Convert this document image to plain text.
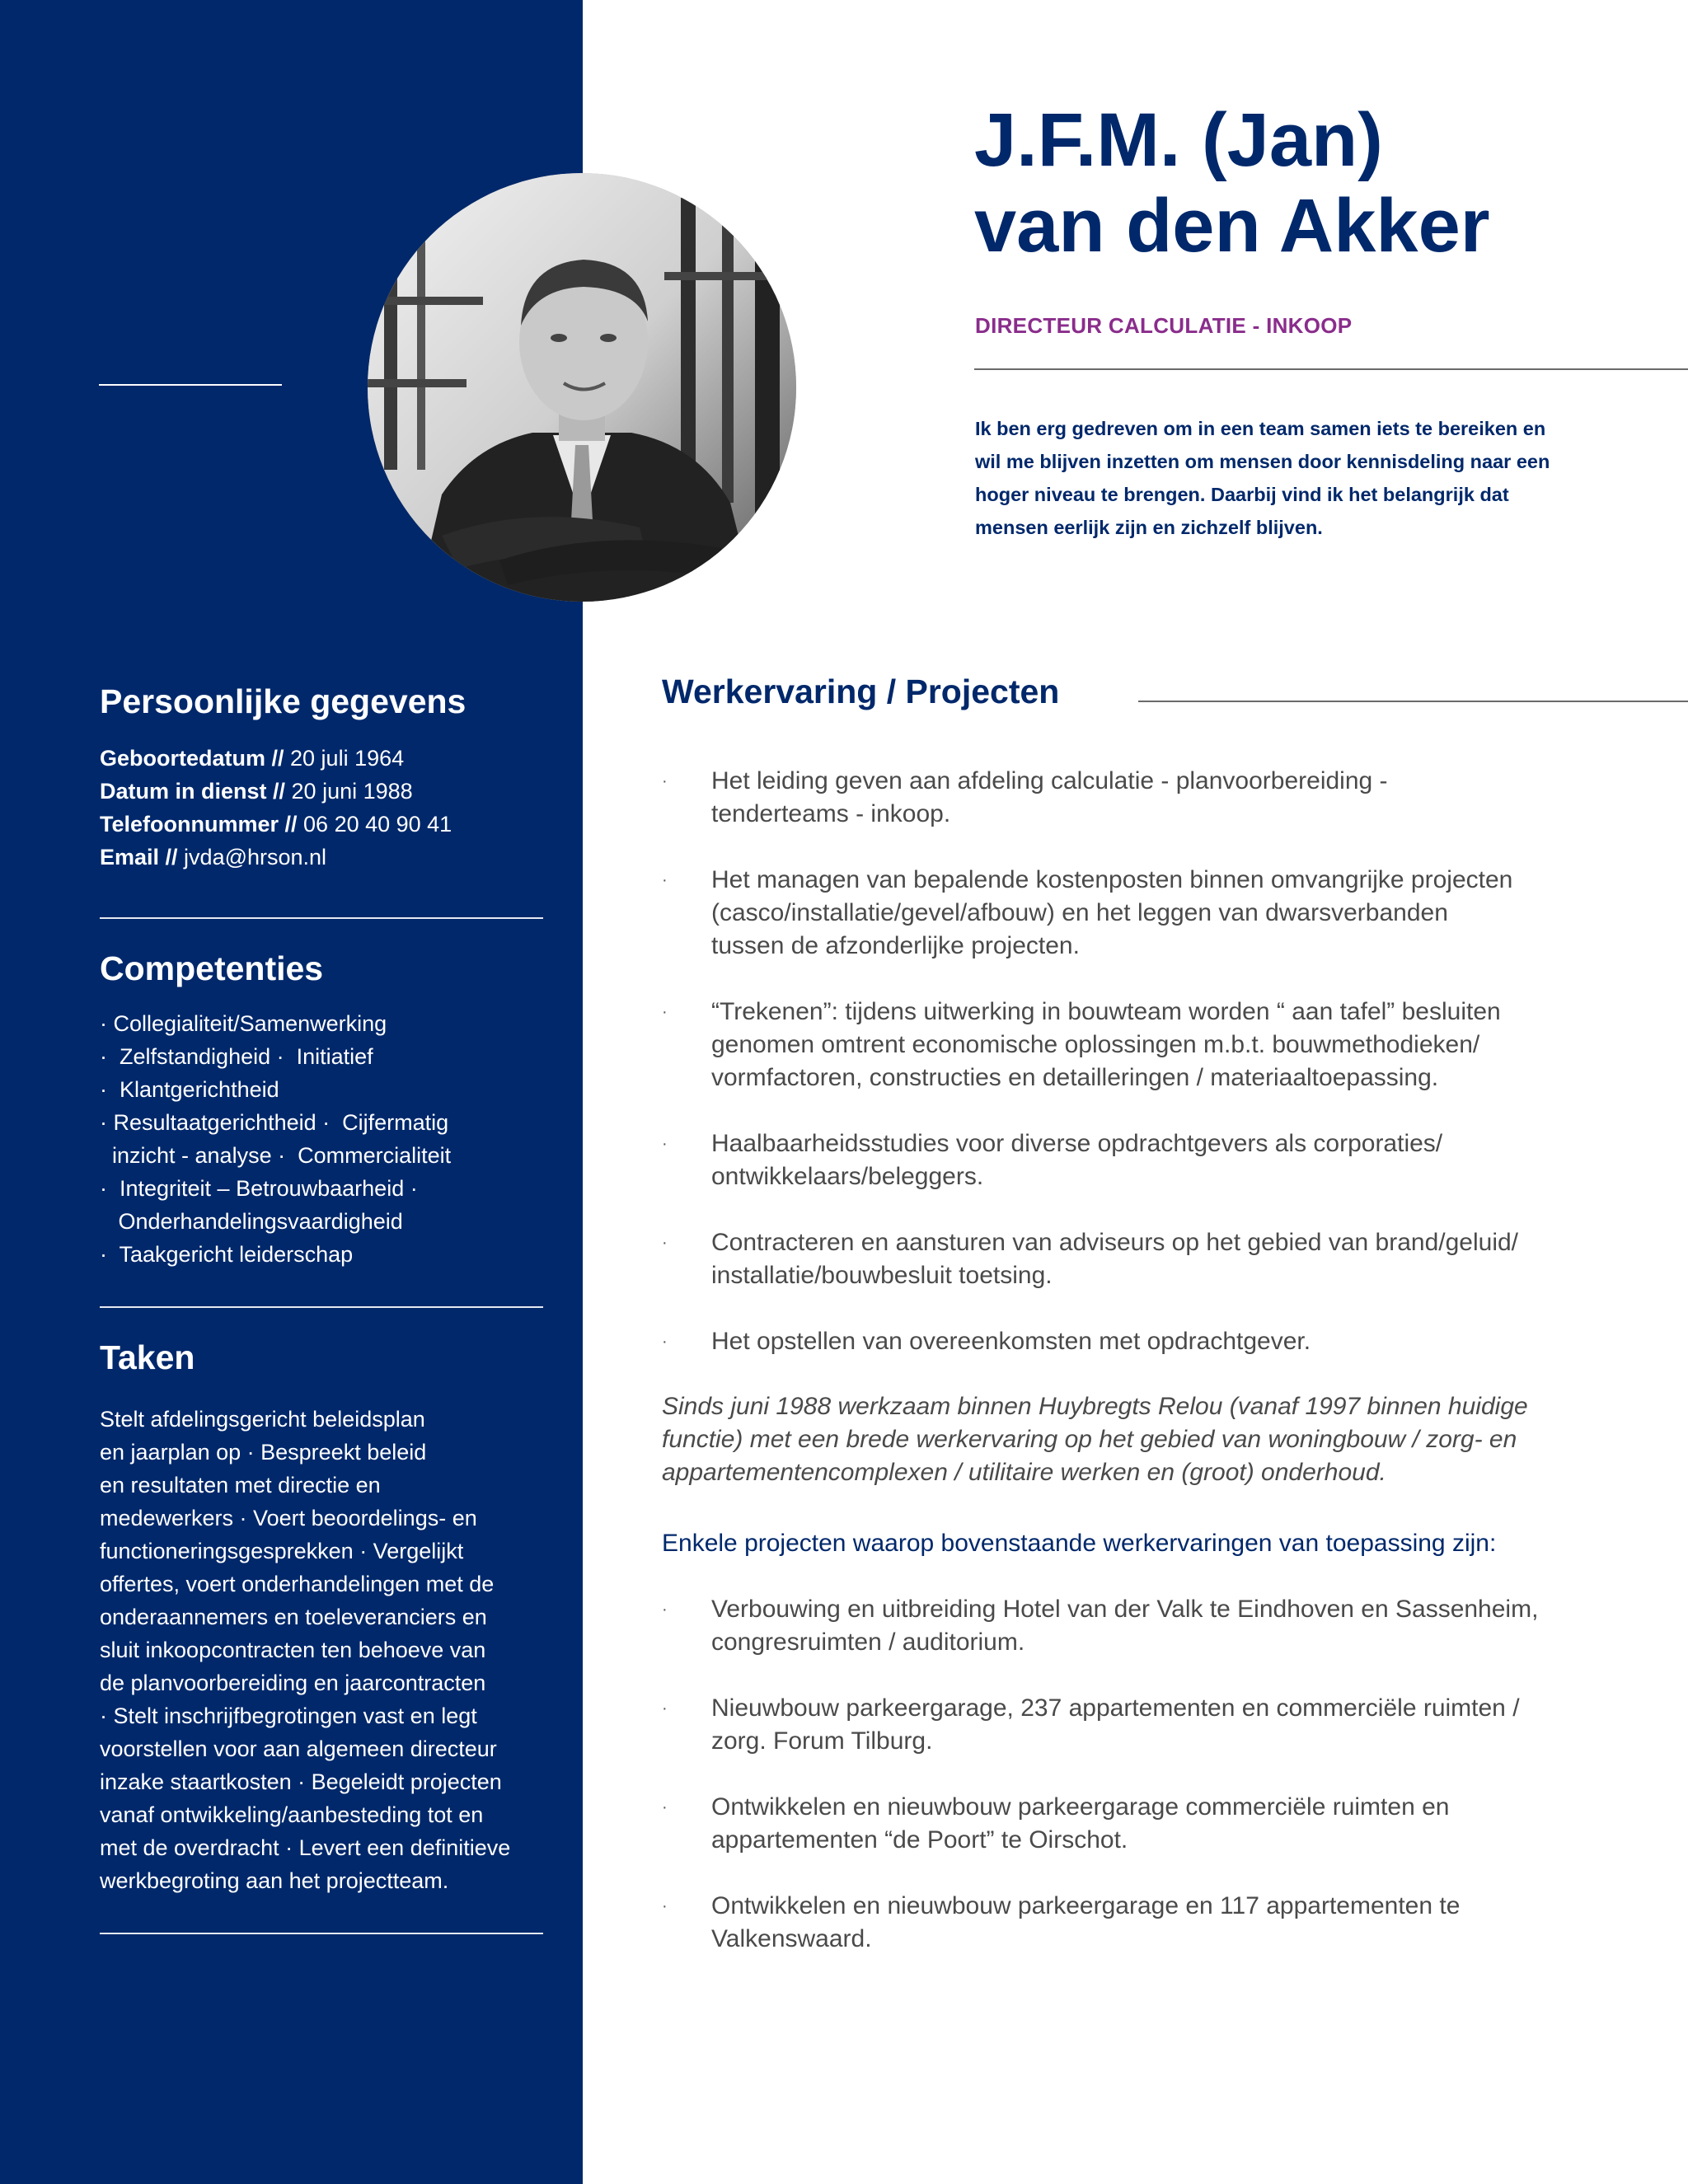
Persoonlijke gegevens
Geboortedatum // 20 juli 1964
Datum in dienst // 20 juni 1988
Telefoonnummer // 06 20 40 90 41
Email // jvda@hrson.nl
Competenties
· Collegialiteit/Samenwerking
·  Zelfstandigheid ·  Initiatief
·  Klantgerichtheid
· Resultaatgerichtheid ·  Cijfermatig
inzicht - analyse ·  Commercialiteit
·  Integriteit – Betrouwbaarheid ·
Onderhandelingsvaardigheid
·  Taakgericht leiderschap
Taken
Stelt afdelingsgericht beleidsplan
en jaarplan op · Bespreekt beleid
en resultaten met directie en
medewerkers · Voert beoordelings- en
functioneringsgesprekken · Vergelijkt
offertes, voert onderhandelingen met de
onderaannemers en toeleveranciers en
sluit inkoopcontracten ten behoeve van
de planvoorbereiding en jaarcontracten
· Stelt inschrijfbegrotingen vast en legt
voorstellen voor aan algemeen directeur
inzake staartkosten · Begeleidt projecten
vanaf ontwikkeling/aanbesteding tot en
met de overdracht · Levert een definitieve
werkbegroting aan het projectteam.
J.F.M. (Jan)
van den Akker
DIRECTEUR CALCULATIE - INKOOP
Ik ben erg gedreven om in een team samen iets te bereiken en
wil me blijven inzetten om mensen door kennisdeling naar een
hoger niveau te brengen. Daarbij vind ik het belangrijk dat
mensen eerlijk zijn en zichzelf blijven.
Werkervaring / Projecten
· Het leiding geven aan afdeling calculatie - planvoorbereiding -
tenderteams - inkoop.
· Het managen van bepalende kostenposten binnen omvangrijke projecten
(casco/installatie/gevel/afbouw) en het leggen van dwarsverbanden
tussen de afzonderlijke projecten.
· “Trekenen”: tijdens uitwerking in bouwteam worden “ aan tafel” besluiten
genomen omtrent economische oplossingen m.b.t. bouwmethodieken/
vormfactoren, constructies en detailleringen / materiaaltoepassing.
· Haalbaarheidsstudies voor diverse opdrachtgevers als corporaties/
ontwikkelaars/beleggers.
· Contracteren en aansturen van adviseurs op het gebied van brand/geluid/
installatie/bouwbesluit toetsing.
· Het opstellen van overeenkomsten met opdrachtgever.
Sinds juni 1988 werkzaam binnen Huybregts Relou (vanaf 1997 binnen huidige
functie) met een brede werkervaring op het gebied van woningbouw / zorg- en
appartementencomplexen / utilitaire werken en (groot) onderhoud.
Enkele projecten waarop bovenstaande werkervaringen van toepassing zijn:
· Verbouwing en uitbreiding Hotel van der Valk te Eindhoven en Sassenheim,
congresruimten / auditorium.
· Nieuwbouw parkeergarage, 237 appartementen en commerciële ruimten /
zorg. Forum Tilburg.
· Ontwikkelen en nieuwbouw parkeergarage commerciële ruimten en
appartementen “de Poort” te Oirschot.
· Ontwikkelen en nieuwbouw parkeergarage en 117 appartementen te
Valkenswaard.
